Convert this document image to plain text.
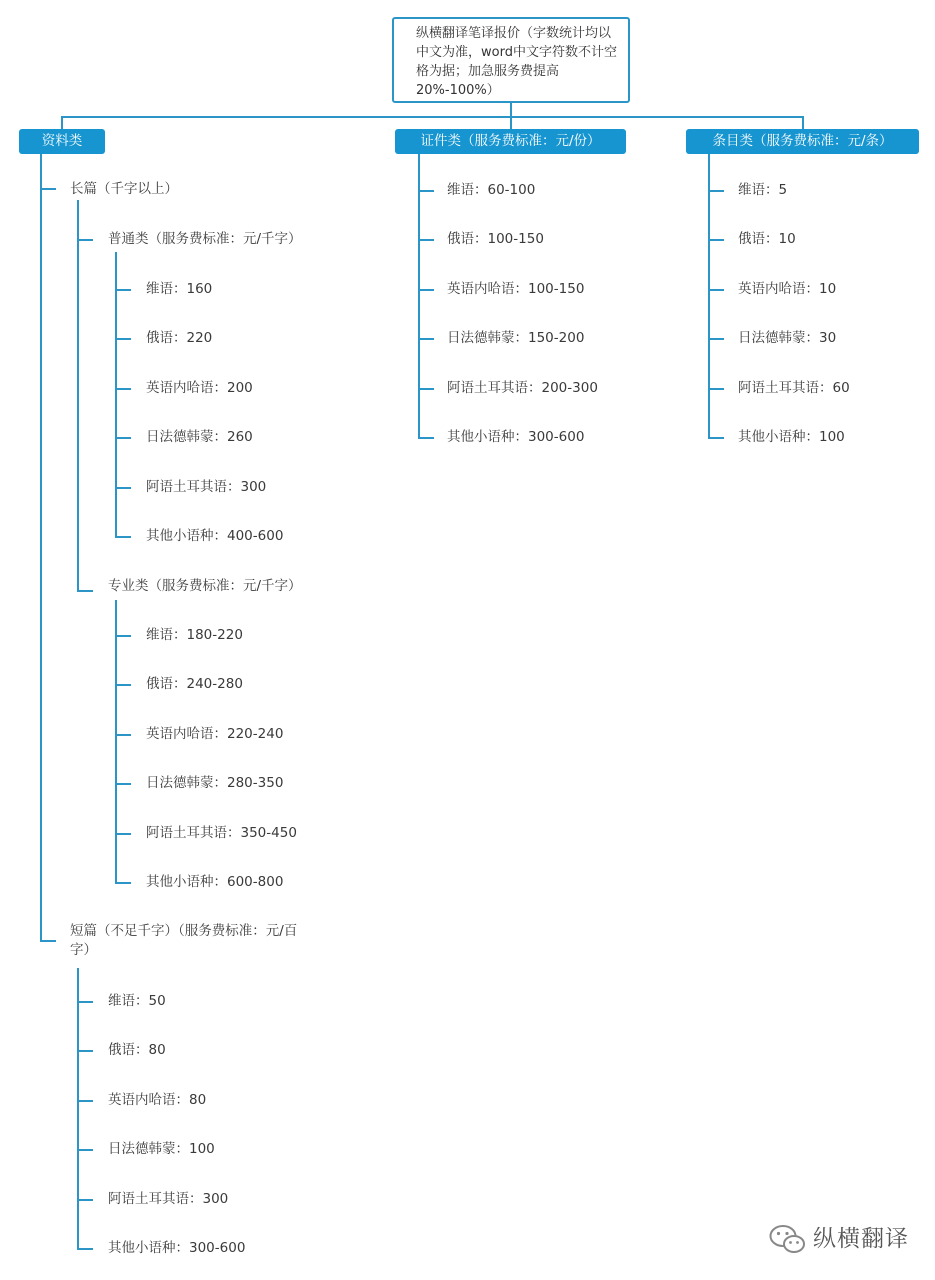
纵横翻译笔译报价（字数统计均以中文为准，word中文字符数不计空格为据；加急服务费提高20%-100%）
资料类	证件类（服务费标准：元/份）	条目类（服务费标准：元/条）
长篇（千字以上）
普通类（服务费标准：元/千字）
维语：160
俄语：220
英语内哈语：200
日法德韩蒙：260
阿语土耳其语：300
其他小语种：400-600
专业类（服务费标准：元/千字）
维语：180-220
俄语：240-280
英语内哈语：220-240
日法德韩蒙：280-350
阿语土耳其语：350-450
其他小语种：600-800
短篇（不足千字）（服务费标准：元/百字）
维语：50
俄语：80
英语内哈语：80
日法德韩蒙：100
阿语土耳其语：300
其他小语种：300-600
维语：60-100
俄语：100-150
英语内哈语：100-150
日法德韩蒙：150-200
阿语土耳其语：200-300
其他小语种：300-600
维语：5
俄语：10
英语内哈语：10
日法德韩蒙：30
阿语土耳其语：60
其他小语种：100
纵横翻译
